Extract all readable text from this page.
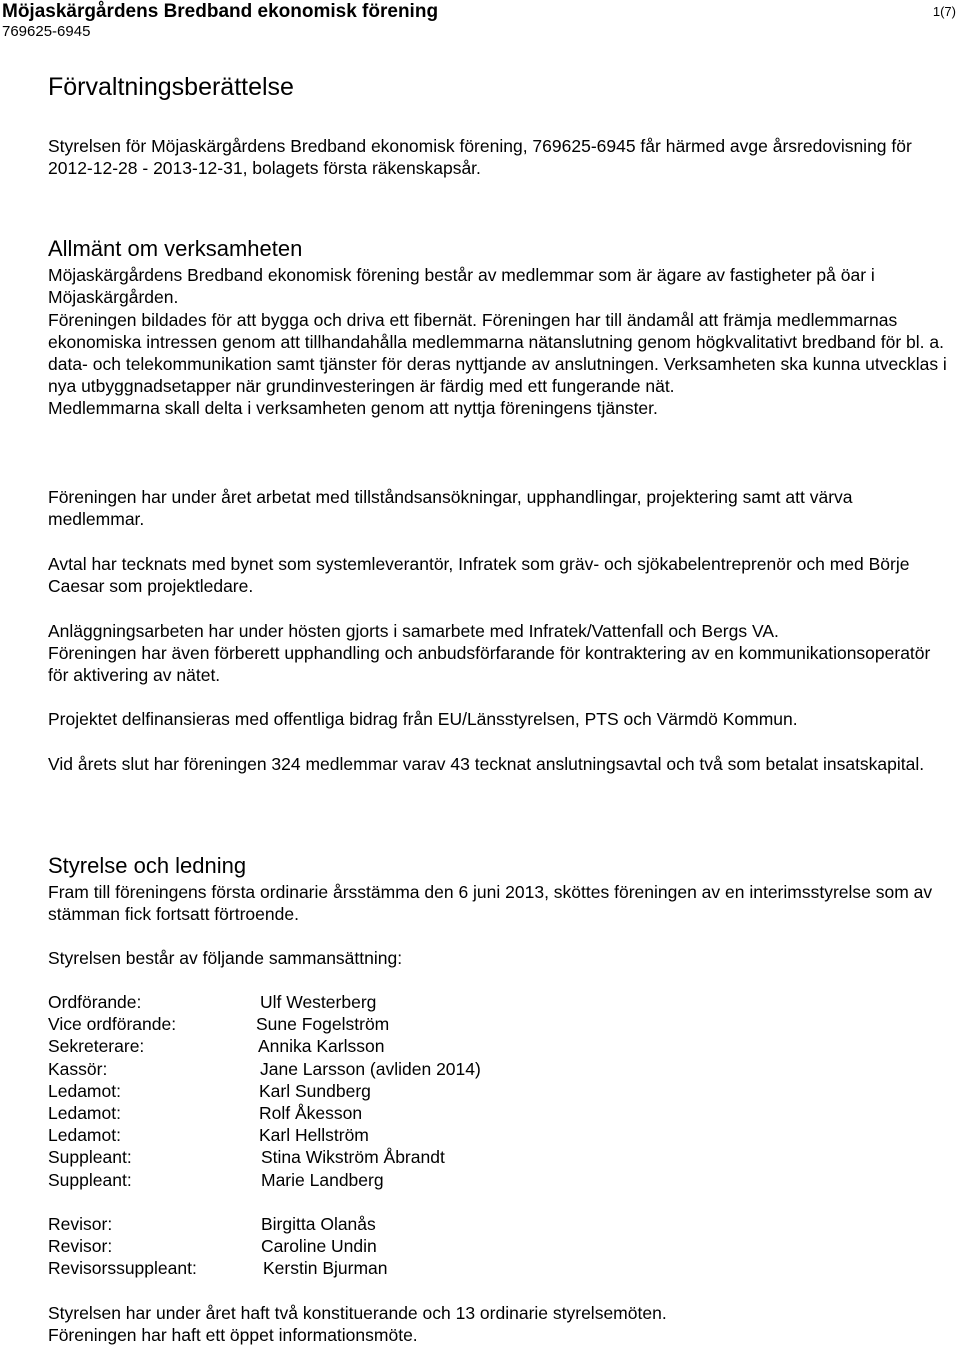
Möjaskärgårdens Bredband ekonomisk förening
769625-6945
1(7)
Förvaltningsberättelse
Styrelsen för Möjaskärgårdens Bredband ekonomisk förening, 769625-6945 får härmed avge årsredovisning för 2012-12-28 - 2013-12-31, bolagets första räkenskapsår.
Allmänt om verksamheten
Möjaskärgårdens Bredband ekonomisk förening består av medlemmar som är ägare av fastigheter på öar i Möjaskärgården.
Föreningen bildades för att bygga och driva ett fibernät. Föreningen har till ändamål att främja medlemmarnas ekonomiska intressen genom att tillhandahålla medlemmarna nätanslutning genom högkvalitativt bredband för bl. a. data- och telekommunikation samt tjänster för deras nyttjande av anslutningen. Verksamheten ska kunna utvecklas i nya utbyggnadsetapper när grundinvesteringen är färdig med ett fungerande nät.
Medlemmarna skall delta i verksamheten genom att nyttja föreningens tjänster.
Föreningen har under året arbetat med tillståndsansökningar, upphandlingar, projektering samt att värva medlemmar.
Avtal har tecknats med bynet som systemleverantör, Infratek som gräv- och sjökabelentreprenör och med Börje Caesar som projektledare.
Anläggningsarbeten har under hösten gjorts i samarbete med Infratek/Vattenfall och Bergs VA.
Föreningen har även förberett upphandling och anbudsförfarande för kontraktering av en kommunikationsoperatör för aktivering av nätet.
Projektet delfinansieras med offentliga bidrag från EU/Länsstyrelsen, PTS och Värmdö Kommun.
Vid årets slut har föreningen 324 medlemmar varav 43 tecknat anslutningsavtal och två som betalat insatskapital.
Styrelse och ledning
Fram till föreningens första ordinarie årsstämma den 6 juni 2013, sköttes föreningen av en interimsstyrelse som av stämman fick fortsatt förtroende.
Styrelsen består av följande sammansättning:
Ordförande:	Ulf Westerberg
Vice ordförande:	Sune Fogelström
Sekreterare:	Annika Karlsson
Kassör:	Jane Larsson (avliden 2014)
Ledamot:	Karl Sundberg
Ledamot:	Rolf Åkesson
Ledamot:	Karl Hellström
Suppleant:	Stina Wikström Åbrandt
Suppleant:	Marie Landberg
Revisor:	Birgitta Olanås
Revisor:	Caroline Undin
Revisorssuppleant:	Kerstin Bjurman
Styrelsen har under året haft två konstituerande och 13 ordinarie styrelsemöten.
Föreningen har haft ett öppet informationsmöte.
